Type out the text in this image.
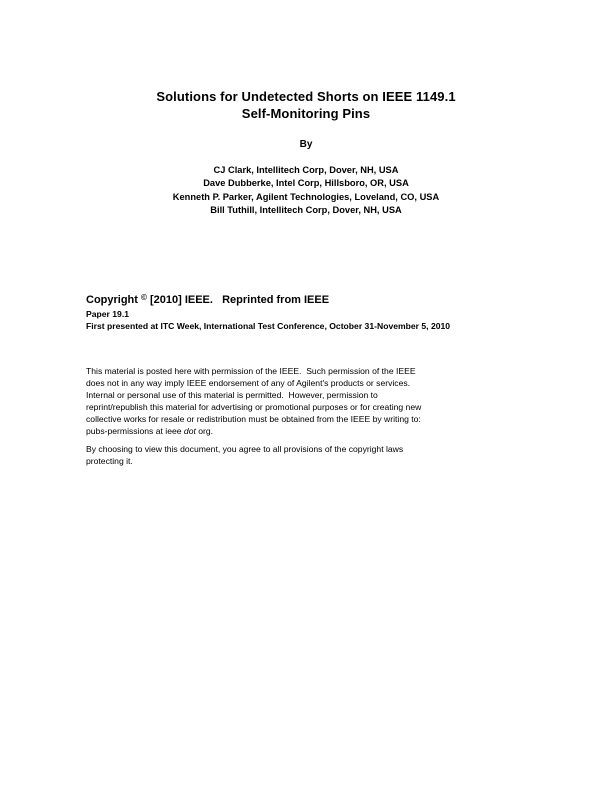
Solutions for Undetected Shorts on IEEE 1149.1
Self-Monitoring Pins
By
CJ Clark, Intellitech Corp, Dover, NH, USA
Dave Dubberke, Intel Corp, Hillsboro, OR, USA
Kenneth P. Parker, Agilent Technologies, Loveland, CO, USA
Bill Tuthill, Intellitech Corp, Dover, NH, USA
Copyright © [2010] IEEE.   Reprinted from IEEE
Paper 19.1
First presented at ITC Week, International Test Conference, October 31-November 5, 2010
This material is posted here with permission of the IEEE.  Such permission of the IEEE
does not in any way imply IEEE endorsement of any of Agilent's products or services.
Internal or personal use of this material is permitted.  However, permission to
reprint/republish this material for advertising or promotional purposes or for creating new
collective works for resale or redistribution must be obtained from the IEEE by writing to:
pubs-permissions at ieee dot org.
By choosing to view this document, you agree to all provisions of the copyright laws
protecting it.
